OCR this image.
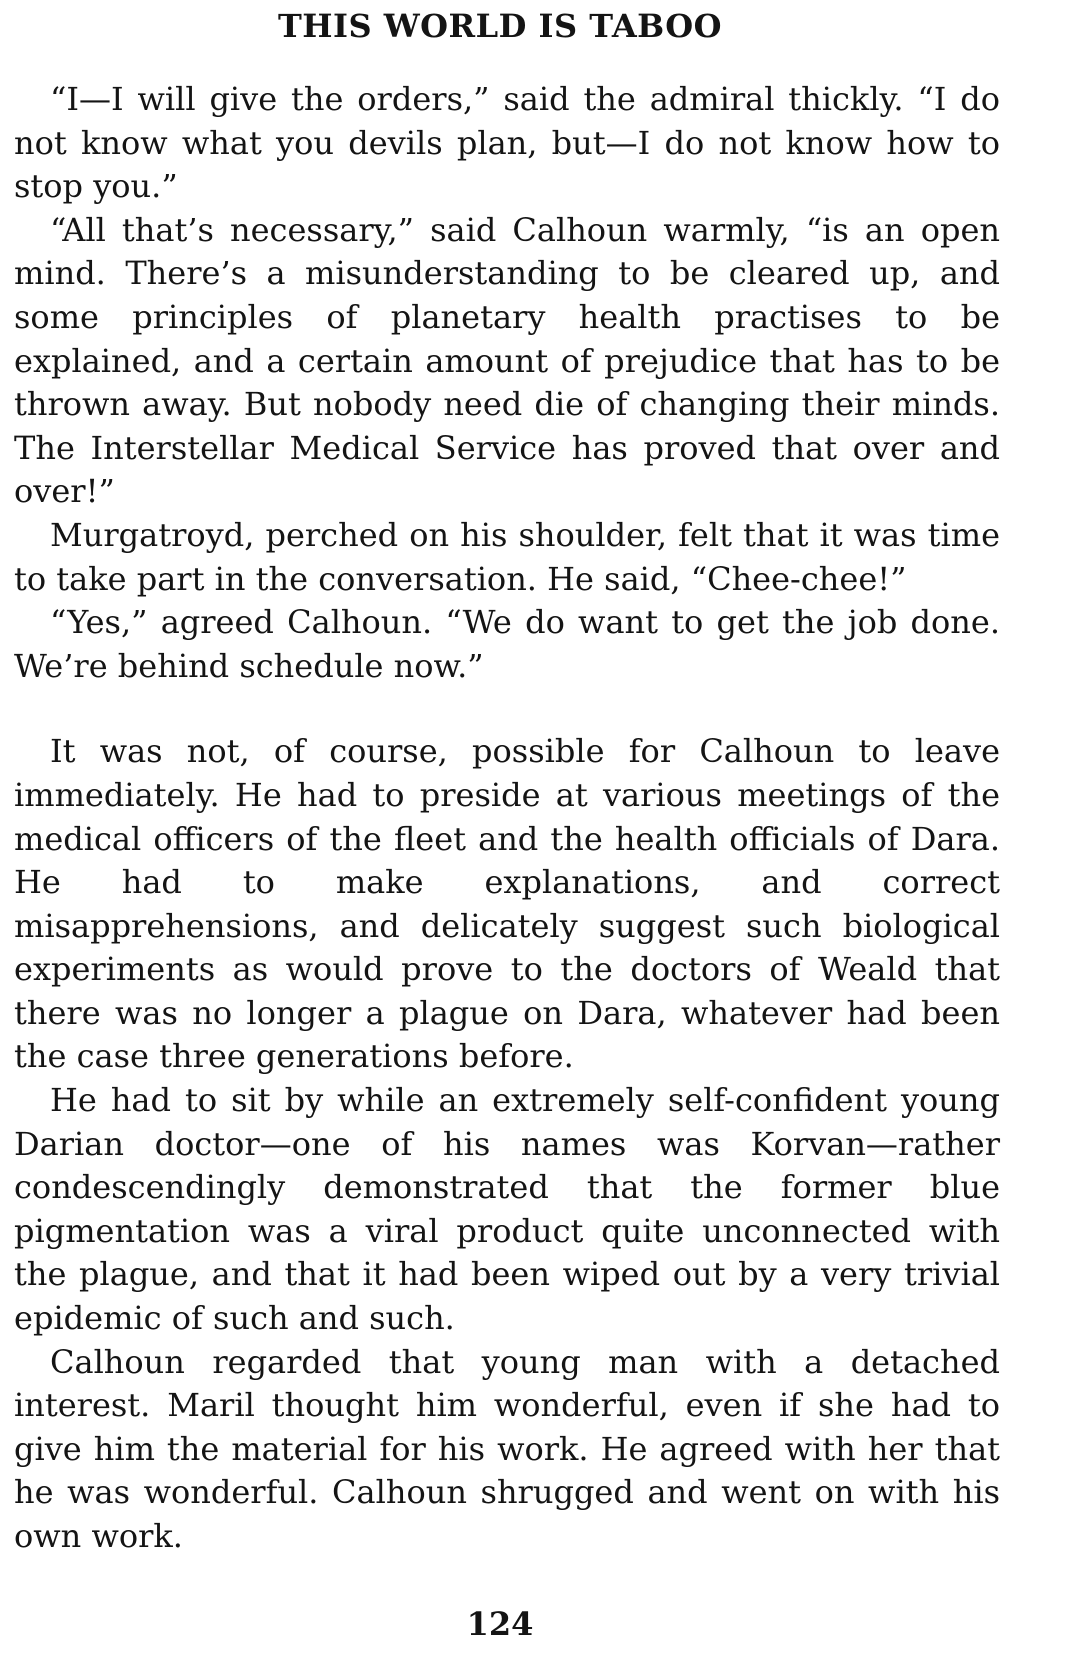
THIS WORLD IS TABOO

“I—I will give the orders,” said the admiral thickly. “I do not know what you devils plan, but—I do not know how to stop you.”

“All that’s necessary,” said Calhoun warmly, “is an open mind. There’s a misunderstanding to be cleared up, and some principles of planetary health practises to be explained, and a certain amount of prejudice that has to be thrown away. But nobody need die of changing their minds. The Interstellar Medical Service has proved that over and over!”

Murgatroyd, perched on his shoulder, felt that it was time to take part in the conversation. He said, “Chee-chee!”

“Yes,” agreed Calhoun. “We do want to get the job done. We’re behind schedule now.”

It was not, of course, possible for Calhoun to leave immediately. He had to preside at various meetings of the medical officers of the fleet and the health officials of Dara. He had to make explanations, and correct misapprehensions, and delicately suggest such biological experiments as would prove to the doctors of Weald that there was no longer a plague on Dara, whatever had been the case three generations before.

He had to sit by while an extremely self-confident young Darian doctor—one of his names was Korvan—rather condescendingly demonstrated that the former blue pigmentation was a viral product quite unconnected with the plague, and that it had been wiped out by a very trivial epidemic of such and such.

Calhoun regarded that young man with a detached interest. Maril thought him wonderful, even if she had to give him the material for his work. He agreed with her that he was wonderful. Calhoun shrugged and went on with his own work.

124
